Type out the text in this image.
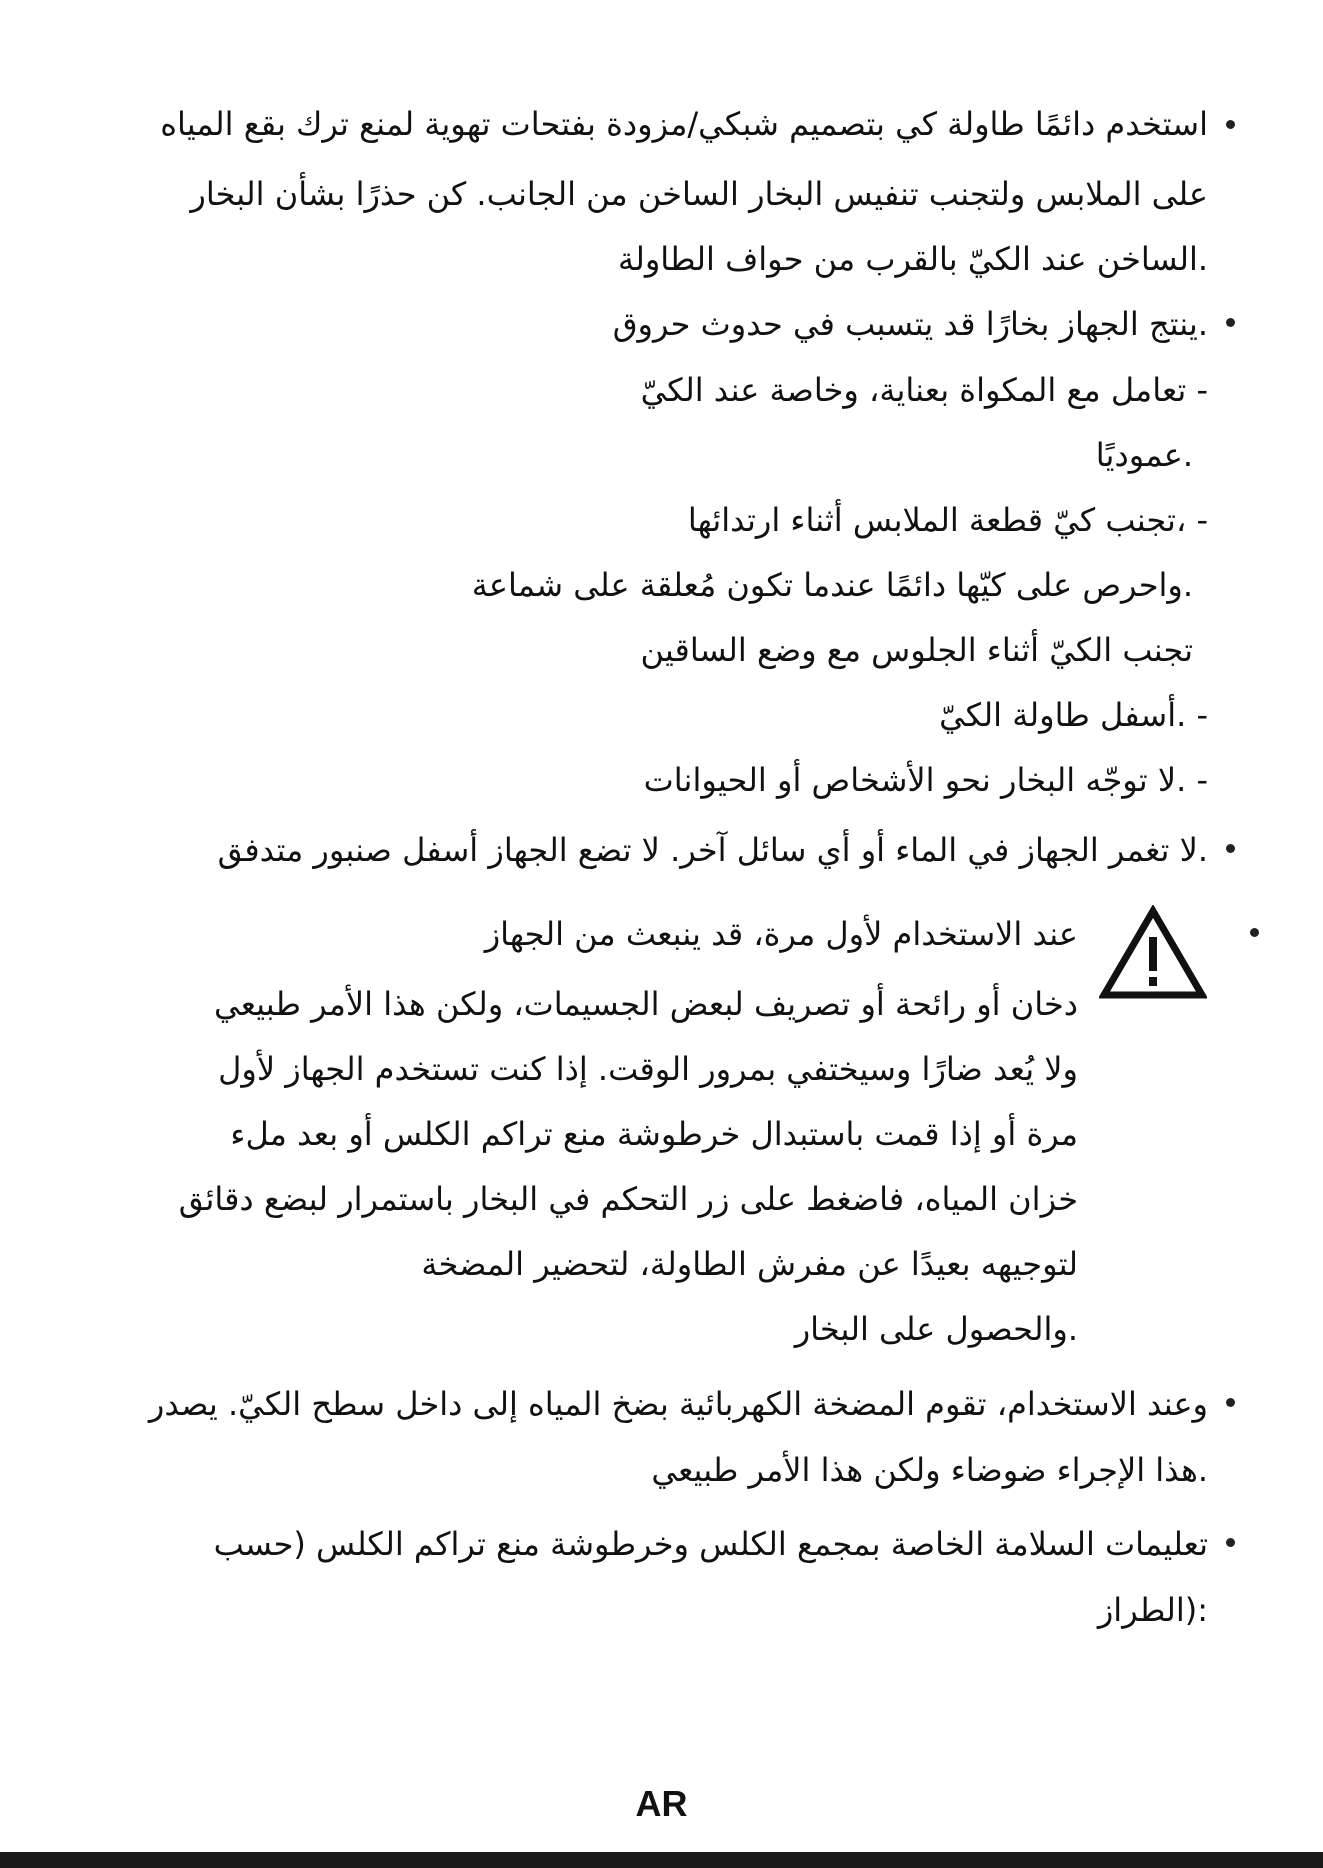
استخدم دائمًا طاولة كي بتصميم شبكي/مزودة بفتحات تهوية لمنع ترك بقع المياه
على الملابس ولتجنب تنفيس البخار الساخن من الجانب. كن حذرًا بشأن البخار
.الساخن عند الكيّ بالقرب من حواف الطاولة
.ينتج الجهاز بخارًا قد يتسبب في حدوث حروق
- تعامل مع المكواة بعناية، وخاصة عند الكيّ
.عموديًا
- ،تجنب كيّ قطعة الملابس أثناء ارتدائها
.واحرص على كيّها دائمًا عندما تكون مُعلقة على شماعة
تجنب الكيّ أثناء الجلوس مع وضع الساقين
- .أسفل طاولة الكيّ
- .لا توجّه البخار نحو الأشخاص أو الحيوانات
.لا تغمر الجهاز في الماء أو أي سائل آخر. لا تضع الجهاز أسفل صنبور متدفق
عند الاستخدام لأول مرة، قد ينبعث من الجهاز
دخان أو رائحة أو تصريف لبعض الجسيمات، ولكن هذا الأمر طبيعي
ولا يُعد ضارًا وسيختفي بمرور الوقت. إذا كنت تستخدم الجهاز لأول
مرة أو إذا قمت باستبدال خرطوشة منع تراكم الكلس أو بعد ملء
خزان المياه، فاضغط على زر التحكم في البخار باستمرار لبضع دقائق
لتوجيهه بعيدًا عن مفرش الطاولة، لتحضير المضخة
.والحصول على البخار
وعند الاستخدام، تقوم المضخة الكهربائية بضخ المياه إلى داخل سطح الكيّ. يصدر
.هذا الإجراء ضوضاء ولكن هذا الأمر طبيعي
تعليمات السلامة الخاصة بمجمع الكلس وخرطوشة منع تراكم الكلس (حسب
:(الطراز
AR
